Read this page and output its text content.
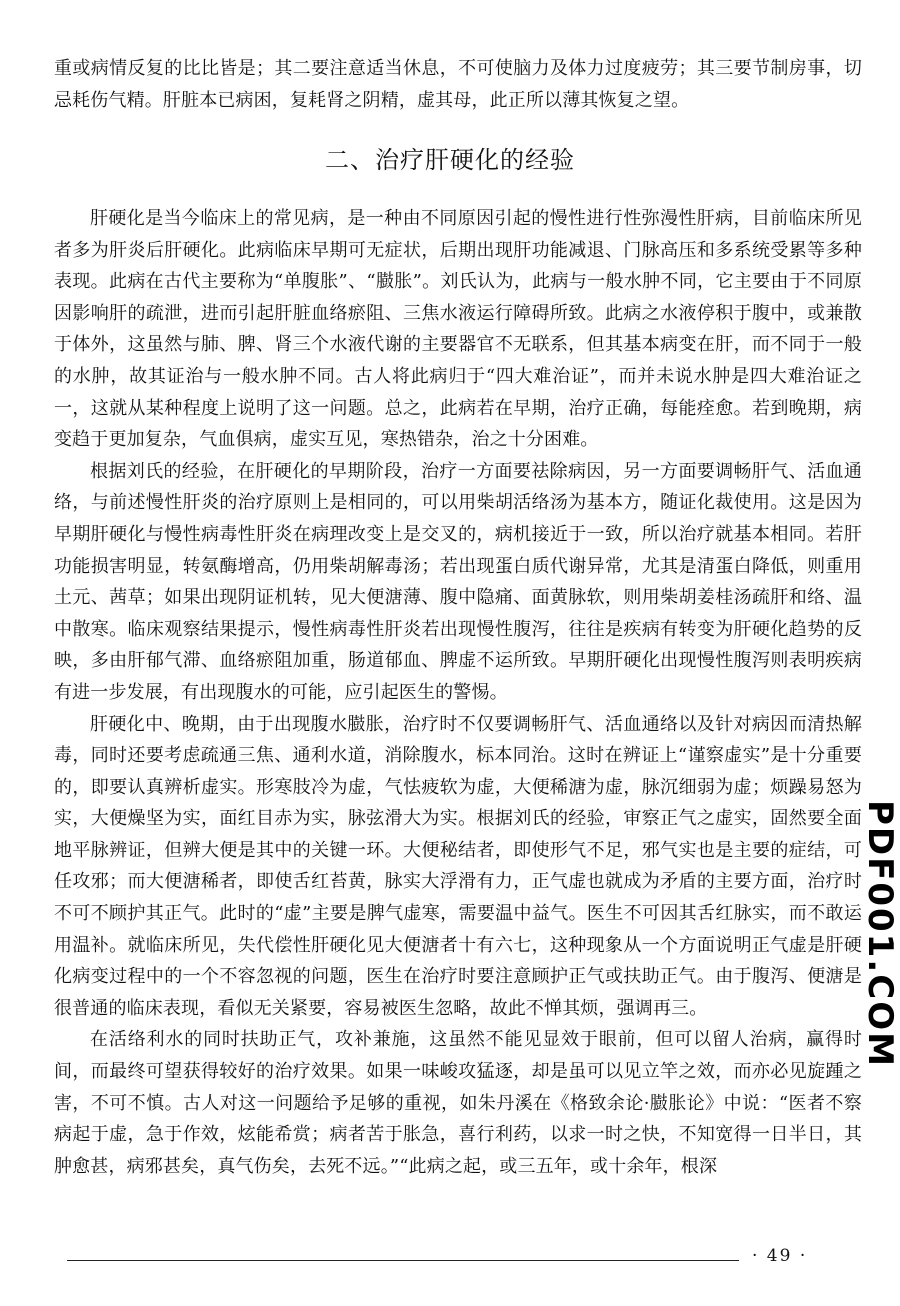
重或病情反复的比比皆是；其二要注意适当休息，不可使脑力及体力过度疲劳；其三要节制房事，切忌耗伤气精。肝脏本已病困，复耗肾之阴精，虚其母，此正所以薄其恢复之望。

二、治疗肝硬化的经验

肝硬化是当今临床上的常见病，是一种由不同原因引起的慢性进行性弥漫性肝病，目前临床所见者多为肝炎后肝硬化。此病临床早期可无症状，后期出现肝功能减退、门脉高压和多系统受累等多种表现。此病在古代主要称为“单腹胀”、“臌胀”。刘氏认为，此病与一般水肿不同，它主要由于不同原因影响肝的疏泄，进而引起肝脏血络瘀阻、三焦水液运行障碍所致。此病之水液停积于腹中，或兼散于体外，这虽然与肺、脾、肾三个水液代谢的主要器官不无联系，但其基本病变在肝，而不同于一般的水肿，故其证治与一般水肿不同。古人将此病归于“四大难治证”，而并未说水肿是四大难治证之一，这就从某种程度上说明了这一问题。总之，此病若在早期，治疗正确，每能痊愈。若到晚期，病变趋于更加复杂，气血俱病，虚实互见，寒热错杂，治之十分困难。

根据刘氏的经验，在肝硬化的早期阶段，治疗一方面要祛除病因，另一方面要调畅肝气、活血通络，与前述慢性肝炎的治疗原则上是相同的，可以用柴胡活络汤为基本方，随证化裁使用。这是因为早期肝硬化与慢性病毒性肝炎在病理改变上是交叉的，病机接近于一致，所以治疗就基本相同。若肝功能损害明显，转氨酶增高，仍用柴胡解毒汤；若出现蛋白质代谢异常，尤其是清蛋白降低，则重用土元、茜草；如果出现阴证机转，见大便溏薄、腹中隐痛、面黄脉软，则用柴胡姜桂汤疏肝和络、温中散寒。临床观察结果提示，慢性病毒性肝炎若出现慢性腹泻，往往是疾病有转变为肝硬化趋势的反映，多由肝郁气滞、血络瘀阻加重，肠道郁血、脾虚不运所致。早期肝硬化出现慢性腹泻则表明疾病有进一步发展，有出现腹水的可能，应引起医生的警惕。

肝硬化中、晚期，由于出现腹水臌胀，治疗时不仅要调畅肝气、活血通络以及针对病因而清热解毒，同时还要考虑疏通三焦、通利水道，消除腹水，标本同治。这时在辨证上“谨察虚实”是十分重要的，即要认真辨析虚实。形寒肢冷为虚，气怯疲软为虚，大便稀溏为虚，脉沉细弱为虚；烦躁易怒为实，大便燥坚为实，面红目赤为实，脉弦滑大为实。根据刘氏的经验，审察正气之虚实，固然要全面地平脉辨证，但辨大便是其中的关键一环。大便秘结者，即使形气不足，邪气实也是主要的症结，可任攻邪；而大便溏稀者，即使舌红苔黄，脉实大浮滑有力，正气虚也就成为矛盾的主要方面，治疗时不可不顾护其正气。此时的“虚”主要是脾气虚寒，需要温中益气。医生不可因其舌红脉实，而不敢运用温补。就临床所见，失代偿性肝硬化见大便溏者十有六七，这种现象从一个方面说明正气虚是肝硬化病变过程中的一个不容忽视的问题，医生在治疗时要注意顾护正气或扶助正气。由于腹泻、便溏是很普通的临床表现，看似无关紧要，容易被医生忽略，故此不惮其烦，强调再三。

在活络利水的同时扶助正气，攻补兼施，这虽然不能见显效于眼前，但可以留人治病，赢得时间，而最终可望获得较好的治疗效果。如果一味峻攻猛逐，却是虽可以见立竿之效，而亦必见旋踵之害，不可不慎。古人对这一问题给予足够的重视，如朱丹溪在《格致余论·臌胀论》中说：“医者不察病起于虚，急于作效，炫能希赏；病者苦于胀急，喜行利药，以求一时之快，不知宽得一日半日，其肿愈甚，病邪甚矣，真气伤矣，去死不远。”“此病之起，或三五年，或十余年，根深

PDF001.COM
· 49 ·
